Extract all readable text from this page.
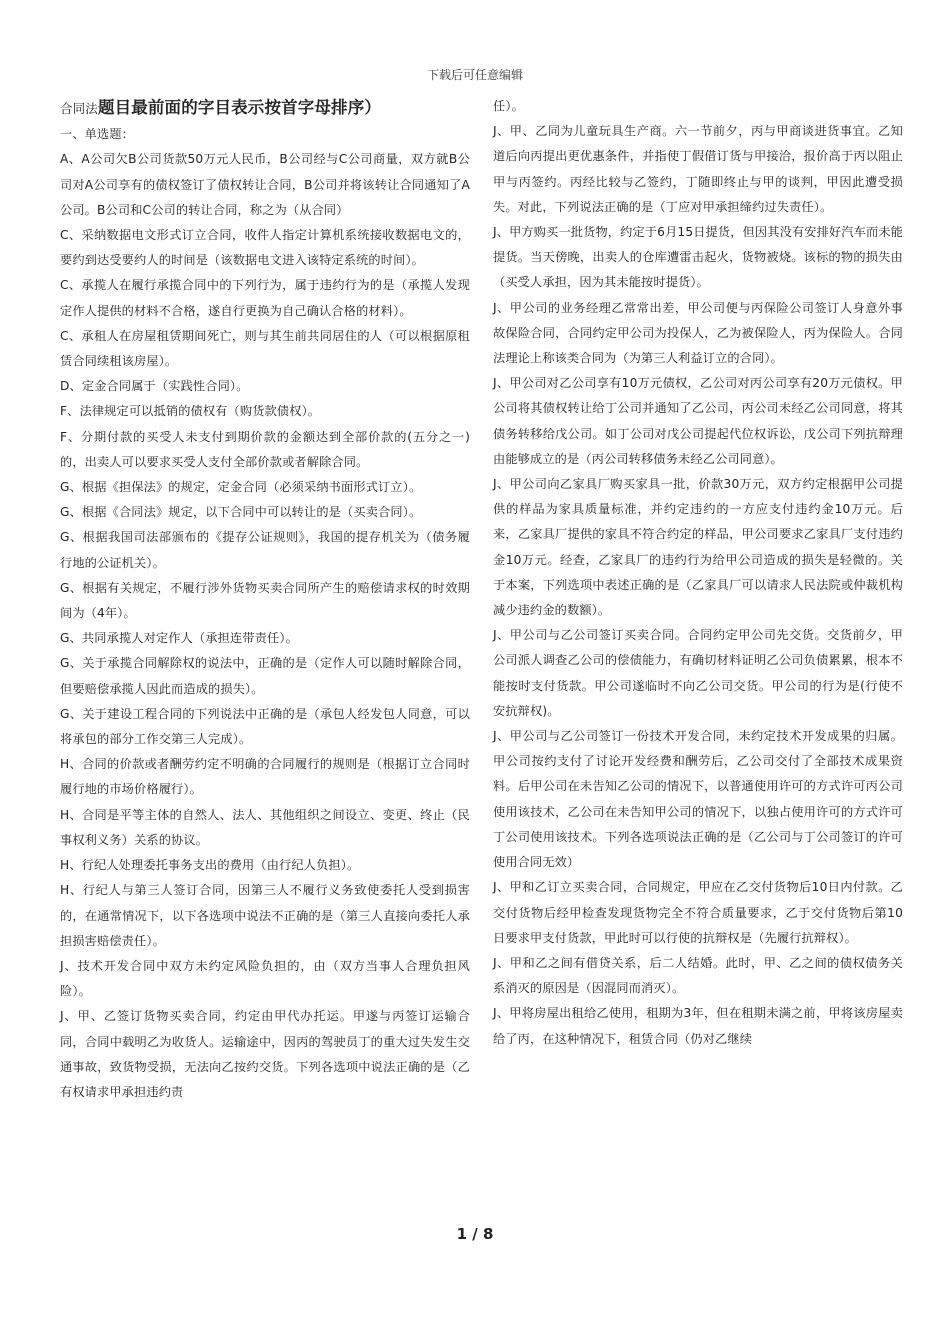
下载后可任意编辑

合同法题目最前面的字目表示按首字母排序）

一、单选题：

A、A公司欠B公司货款50万元人民币，B公司经与C公司商量，双方就B公司对A公司享有的债权签订了债权转让合同，B公司并将该转让合同通知了A公司。B公司和C公司的转让合同，称之为（从合同）

C、采纳数据电文形式订立合同，收件人指定计算机系统接收数据电文的，要约到达受要约人的时间是（该数据电文进入该特定系统的时间）。

C、承揽人在履行承揽合同中的下列行为，属于违约行为的是（承揽人发现定作人提供的材料不合格，遂自行更换为自己确认合格的材料）。

C、承租人在房屋租赁期间死亡，则与其生前共同居住的人（可以根据原租赁合同续租该房屋）。

D、定金合同属于（实践性合同）。

F、法律规定可以抵销的债权有（购货款债权）。

F、分期付款的买受人未支付到期价款的金额达到全部价款的(五分之一)的，出卖人可以要求买受人支付全部价款或者解除合同。

G、根据《担保法》的规定，定金合同（必须采纳书面形式订立）。

G、根据《合同法》规定，以下合同中可以转让的是（买卖合同）。

G、根据我国司法部颁布的《提存公证规则》，我国的提存机关为（债务履行地的公证机关）。

G、根据有关规定，不履行涉外货物买卖合同所产生的赔偿请求权的时效期间为（4年）。

G、共同承揽人对定作人（承担连带责任）。

G、关于承揽合同解除权的说法中，正确的是（定作人可以随时解除合同，但要赔偿承揽人因此而造成的损失）。

G、关于建设工程合同的下列说法中正确的是（承包人经发包人同意，可以将承包的部分工作交第三人完成）。

H、合同的价款或者酬劳约定不明确的合同履行的规则是（根据订立合同时履行地的市场价格履行）。

H、合同是平等主体的自然人、法人、其他组织之间设立、变更、终止（民事权利义务）关系的协议。

H、行纪人处理委托事务支出的费用（由行纪人负担）。

H、行纪人与第三人签订合同，因第三人不履行义务致使委托人受到损害的，在通常情况下，以下各选项中说法不正确的是（第三人直接向委托人承担损害赔偿责任）。

J、技术开发合同中双方未约定风险负担的，由（双方当事人合理负担风险）。

J、甲、乙签订货物买卖合同，约定由甲代办托运。甲遂与丙签订运输合同，合同中载明乙为收货人。运输途中，因丙的驾驶员丁的重大过失发生交通事故，致货物受损，无法向乙按约交货。下列各选项中说法正确的是（乙有权请求甲承担违约责

任）。

J、甲、乙同为儿童玩具生产商。六一节前夕，丙与甲商谈进货事宜。乙知道后向丙提出更优惠条件，并指使丁假借订货与甲接洽，报价高于丙以阻止甲与丙签约。丙经比较与乙签约，丁随即终止与甲的谈判，甲因此遭受损失。对此，下列说法正确的是（丁应对甲承担缔约过失责任）。

J、甲方购买一批货物，约定于6月15日提货，但因其没有安排好汽车而未能提货。当天傍晚，出卖人的仓库遭雷击起火，货物被烧。该标的物的损失由（买受人承担，因为其未能按时提货）。

J、甲公司的业务经理乙常常出差，甲公司便与丙保险公司签订人身意外事故保险合同，合同约定甲公司为投保人，乙为被保险人，丙为保险人。合同法理论上称该类合同为（为第三人利益订立的合同）。

J、甲公司对乙公司享有10万元债权，乙公司对丙公司享有20万元债权。甲公司将其债权转让给丁公司并通知了乙公司，丙公司未经乙公司同意，将其债务转移给戊公司。如丁公司对戊公司提起代位权诉讼，戊公司下列抗辩理由能够成立的是（丙公司转移债务未经乙公司同意）。

J、甲公司向乙家具厂购买家具一批，价款30万元，双方约定根据甲公司提供的样品为家具质量标准，并约定违约的一方应支付违约金10万元。后来，乙家具厂提供的家具不符合约定的样品，甲公司要求乙家具厂支付违约金10万元。经查，乙家具厂的违约行为给甲公司造成的损失是轻微的。关于本案，下列选项中表述正确的是（乙家具厂可以请求人民法院或仲裁机构减少违约金的数额）。

J、甲公司与乙公司签订买卖合同。合同约定甲公司先交货。交货前夕，甲公司派人调查乙公司的偿债能力，有确切材料证明乙公司负债累累，根本不能按时支付货款。甲公司遂临时不向乙公司交货。甲公司的行为是(行使不安抗辩权)。

J、甲公司与乙公司签订一份技术开发合同，未约定技术开发成果的归属。甲公司按约支付了讨论开发经费和酬劳后，乙公司交付了全部技术成果资料。后甲公司在未告知乙公司的情况下，以普通使用许可的方式许可丙公司使用该技术，乙公司在未告知甲公司的情况下，以独占使用许可的方式许可丁公司使用该技术。下列各选项说法正确的是（乙公司与丁公司签订的许可使用合同无效）

J、甲和乙订立买卖合同，合同规定，甲应在乙交付货物后10日内付款。乙交付货物后经甲检查发现货物完全不符合质量要求，乙于交付货物后第10日要求甲支付货款，甲此时可以行使的抗辩权是（先履行抗辩权）。

J、甲和乙之间有借贷关系，后二人结婚。此时，甲、乙之间的债权债务关系消灭的原因是（因混同而消灭）。

J、甲将房屋出租给乙使用，租期为3年，但在租期未满之前，甲将该房屋卖给了丙，在这种情况下，租赁合同（仍对乙继续

1 / 8
